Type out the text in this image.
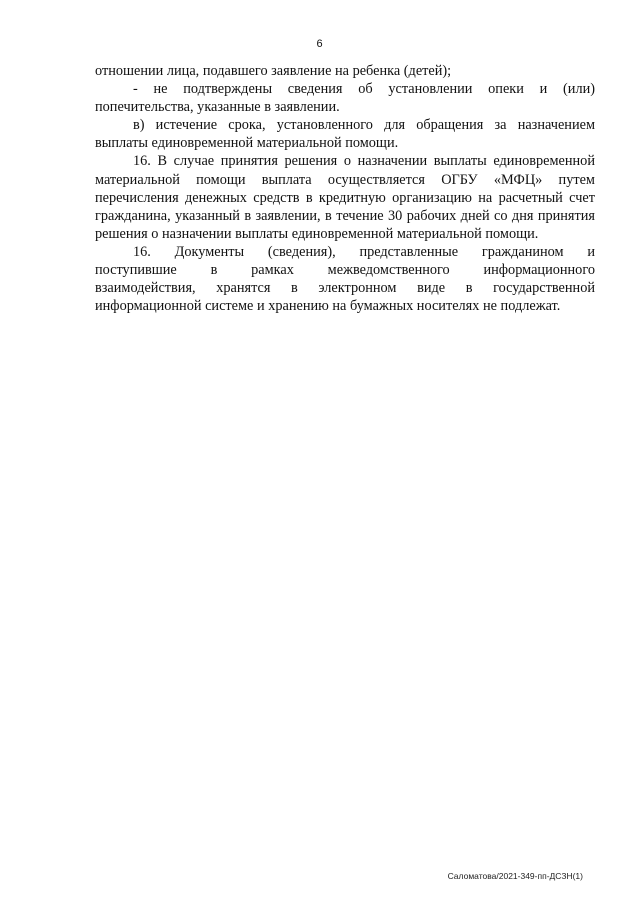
6

отношении лица, подавшего заявление на ребенка (детей);

- не подтверждены сведения об установлении опеки и (или) попечительства, указанные в заявлении.

в) истечение срока, установленного для обращения за назначением выплаты единовременной материальной помощи.

16. В случае принятия решения о назначении выплаты единовременной материальной помощи выплата осуществляется ОГБУ «МФЦ» путем перечисления денежных средств в кредитную организацию на расчетный счет гражданина, указанный в заявлении, в течение 30 рабочих дней со дня принятия решения о назначении выплаты единовременной материальной помощи.

16. Документы (сведения), представленные гражданином и
поступившие в рамках межведомственного информационного
взаимодействия, хранятся в электронном виде в государственной
информационной системе и хранению на бумажных носителях не подлежат.
Саломатова/2021-349-пп-ДСЗН(1)
